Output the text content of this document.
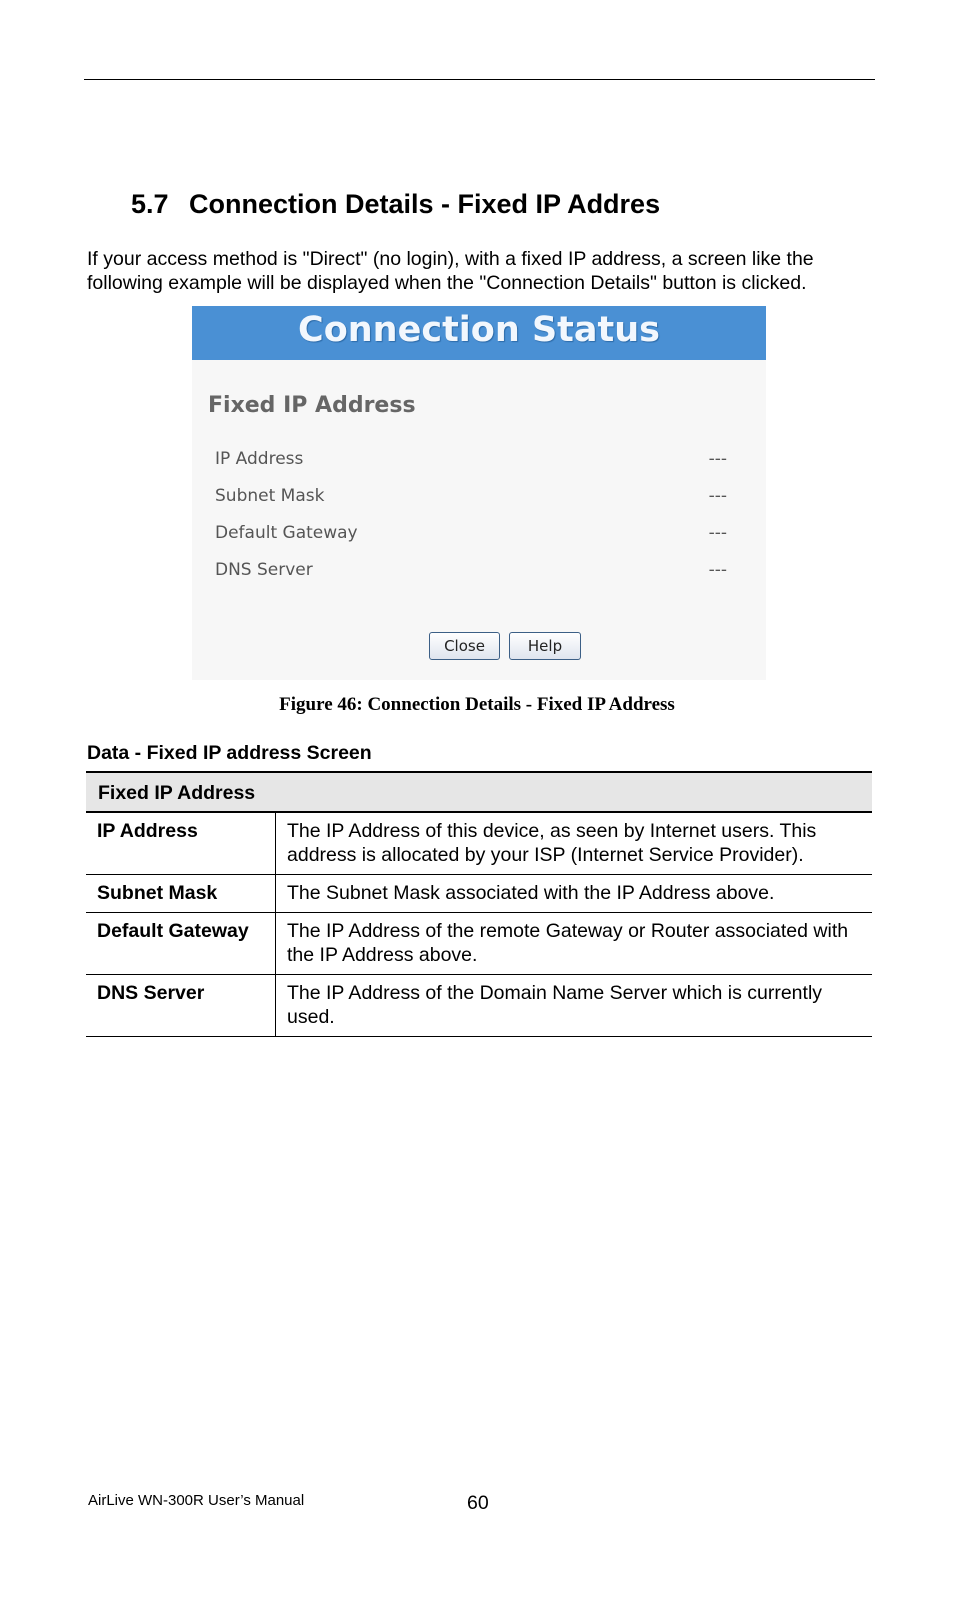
5.7 Connection Details - Fixed IP Addres

If your access method is "Direct" (no login), with a fixed IP address, a screen like the

following example will be displayed when the "Connection Details" button is clicked.

Connection Status
Fixed IP Address
IP Address	---
Subnet Mask	---
Default Gateway	---
DNS Server	---
Close	Help
Figure 46: Connection Details - Fixed IP Address
Data - Fixed IP address Screen
Fixed IP Address	
IP Address	The IP Address of this device, as seen by Internet users. This address is allocated by your ISP (Internet Service Provider).
Subnet Mask	The Subnet Mask associated with the IP Address above.
Default Gateway	The IP Address of the remote Gateway or Router associated with the IP Address above.
DNS Server	The IP Address of the Domain Name Server which is currently used.
AirLive WN-300R User’s Manual	60
